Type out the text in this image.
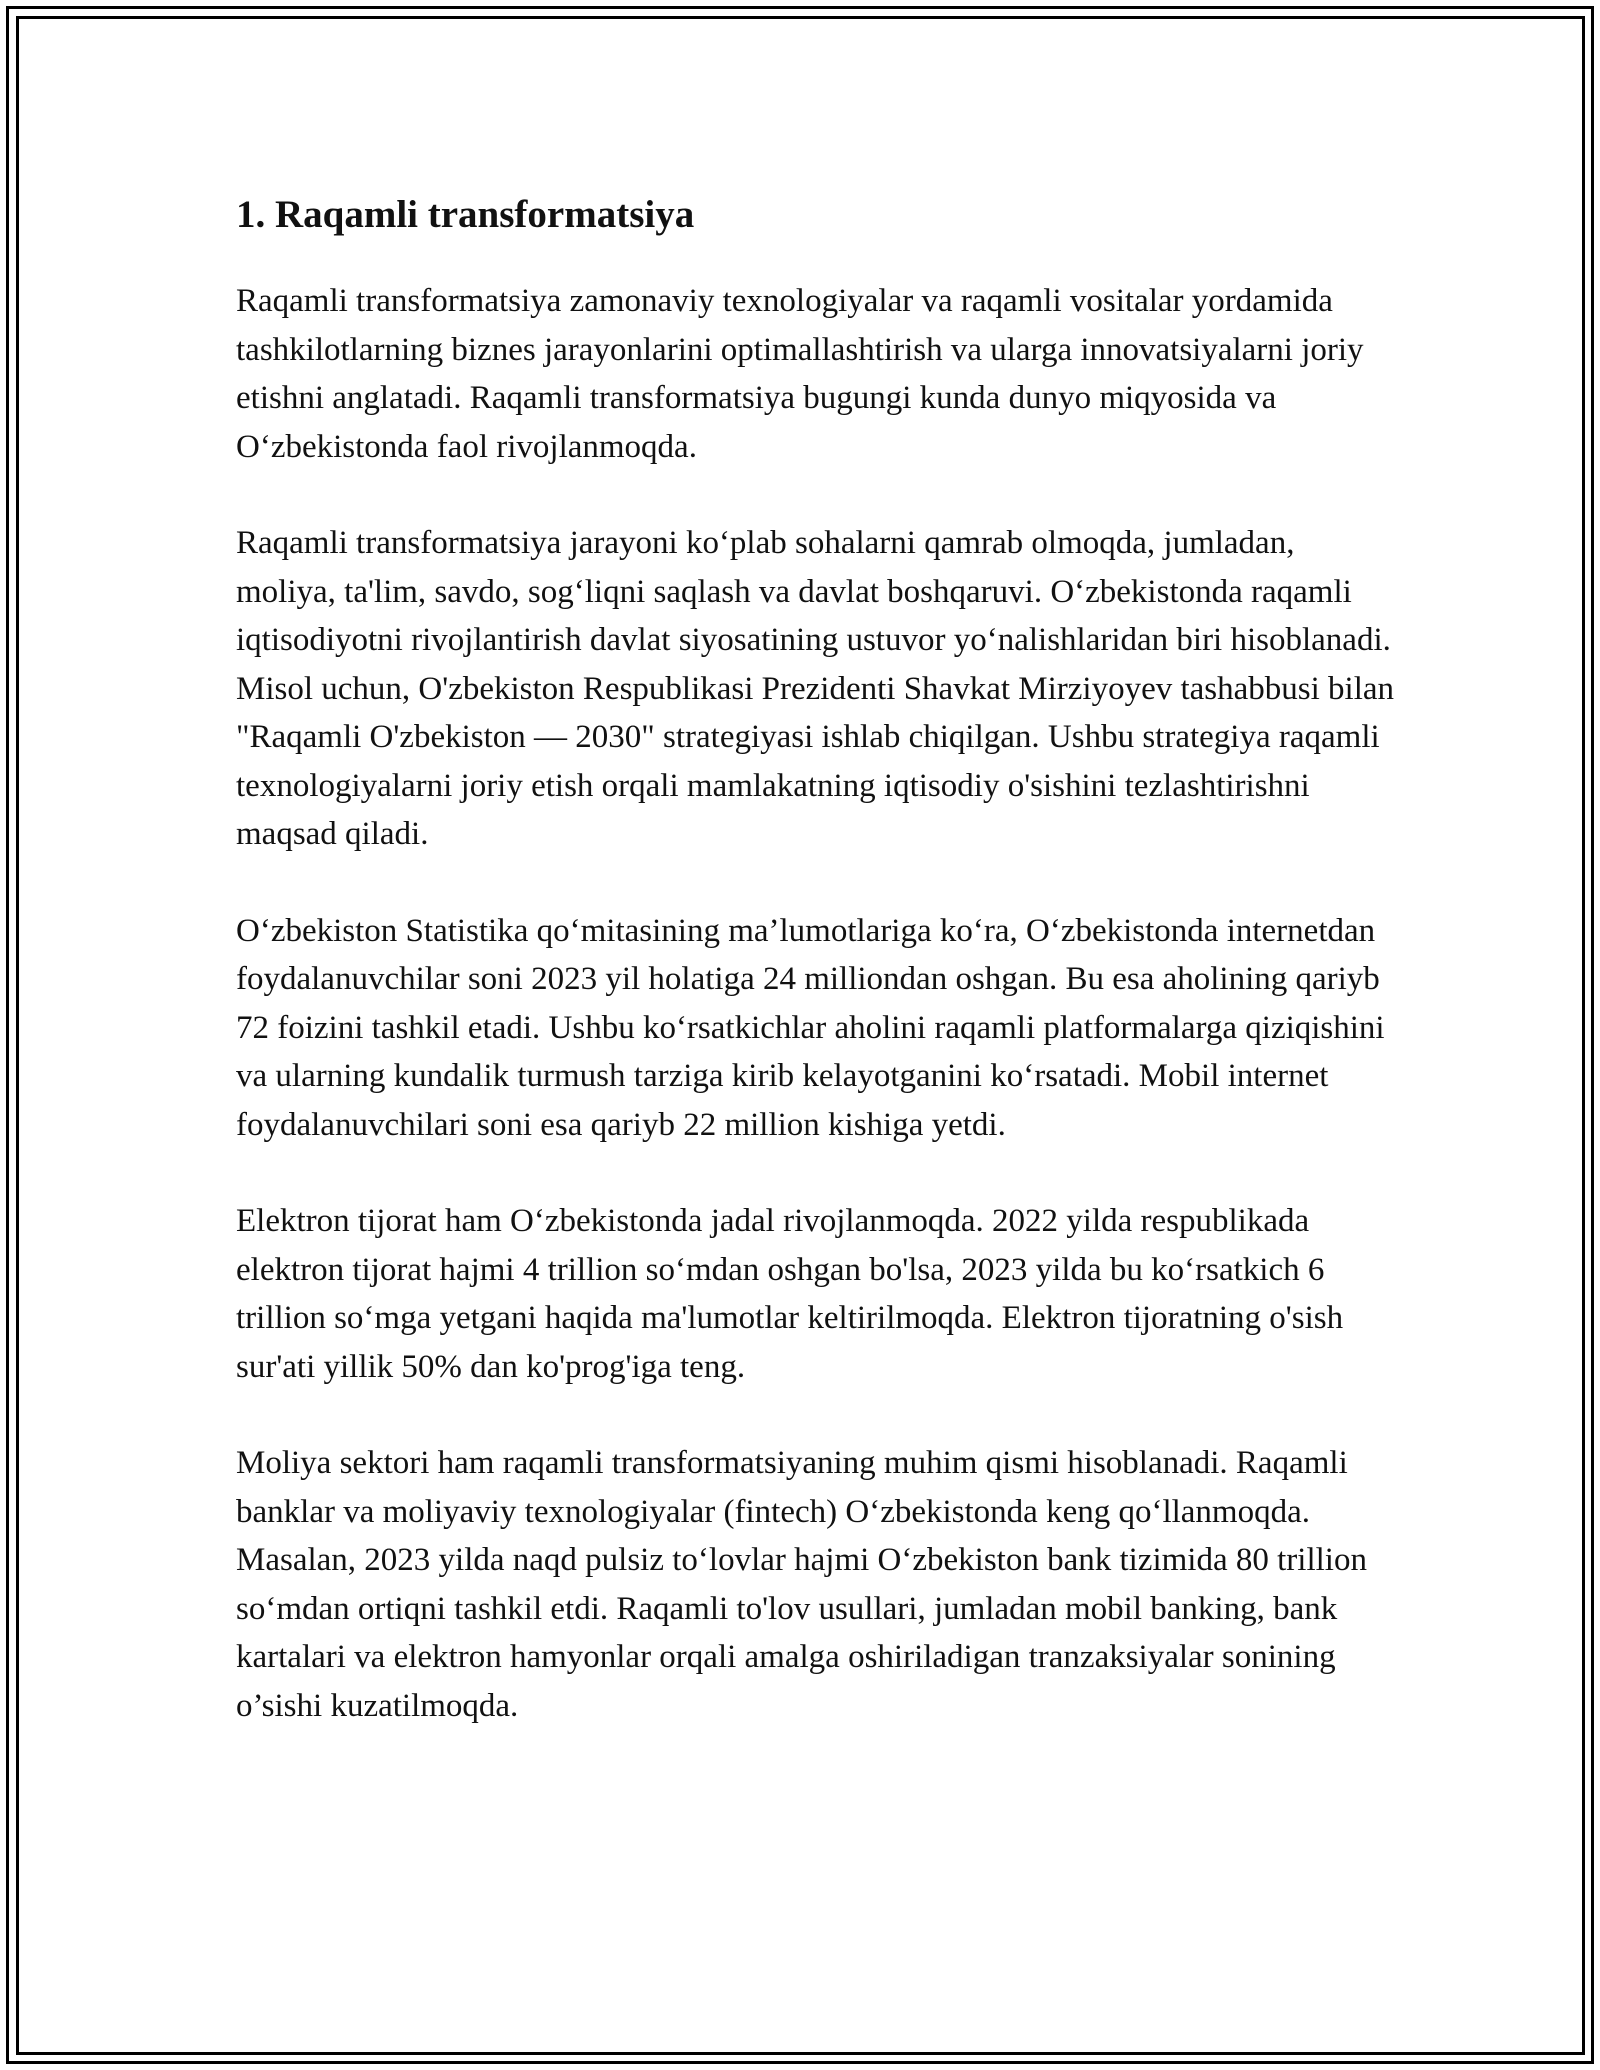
1. Raqamli transformatsiya

Raqamli transformatsiya zamonaviy texnologiyalar va raqamli vositalar yordamida tashkilotlarning biznes jarayonlarini optimallashtirish va ularga innovatsiyalarni joriy etishni anglatadi. Raqamli transformatsiya bugungi kunda dunyo miqyosida va O‘zbekistonda faol rivojlanmoqda.

Raqamli transformatsiya jarayoni ko‘plab sohalarni qamrab olmoqda, jumladan, moliya, ta'lim, savdo, sog‘liqni saqlash va davlat boshqaruvi. O‘zbekistonda raqamli iqtisodiyotni rivojlantirish davlat siyosatining ustuvor yo‘nalishlaridan biri hisoblanadi. Misol uchun, O'zbekiston Respublikasi Prezidenti Shavkat Mirziyoyev tashabbusi bilan "Raqamli O'zbekiston — 2030" strategiyasi ishlab chiqilgan. Ushbu strategiya raqamli texnologiyalarni joriy etish orqali mamlakatning iqtisodiy o'sishini tezlashtirishni maqsad qiladi.

O‘zbekiston Statistika qo‘mitasining ma’lumotlariga ko‘ra, O‘zbekistonda internetdan foydalanuvchilar soni 2023 yil holatiga 24 milliondan oshgan. Bu esa aholining qariyb 72 foizini tashkil etadi. Ushbu ko‘rsatkichlar aholini raqamli platformalarga qiziqishini va ularning kundalik turmush tarziga kirib kelayotganini ko‘rsatadi. Mobil internet foydalanuvchilari soni esa qariyb 22 million kishiga yetdi.

Elektron tijorat ham O‘zbekistonda jadal rivojlanmoqda. 2022 yilda respublikada elektron tijorat hajmi 4 trillion so‘mdan oshgan bo'lsa, 2023 yilda bu ko‘rsatkich 6 trillion so‘mga yetgani haqida ma'lumotlar keltirilmoqda. Elektron tijoratning o'sish sur'ati yillik 50% dan ko'prog'iga teng.

Moliya sektori ham raqamli transformatsiyaning muhim qismi hisoblanadi. Raqamli banklar va moliyaviy texnologiyalar (fintech) O‘zbekistonda keng qo‘llanmoqda. Masalan, 2023 yilda naqd pulsiz to‘lovlar hajmi O‘zbekiston bank tizimida 80 trillion so‘mdan ortiqni tashkil etdi. Raqamli to'lov usullari, jumladan mobil banking, bank kartalari va elektron hamyonlar orqali amalga oshiriladigan tranzaksiyalar sonining o’sishi kuzatilmoqda.
